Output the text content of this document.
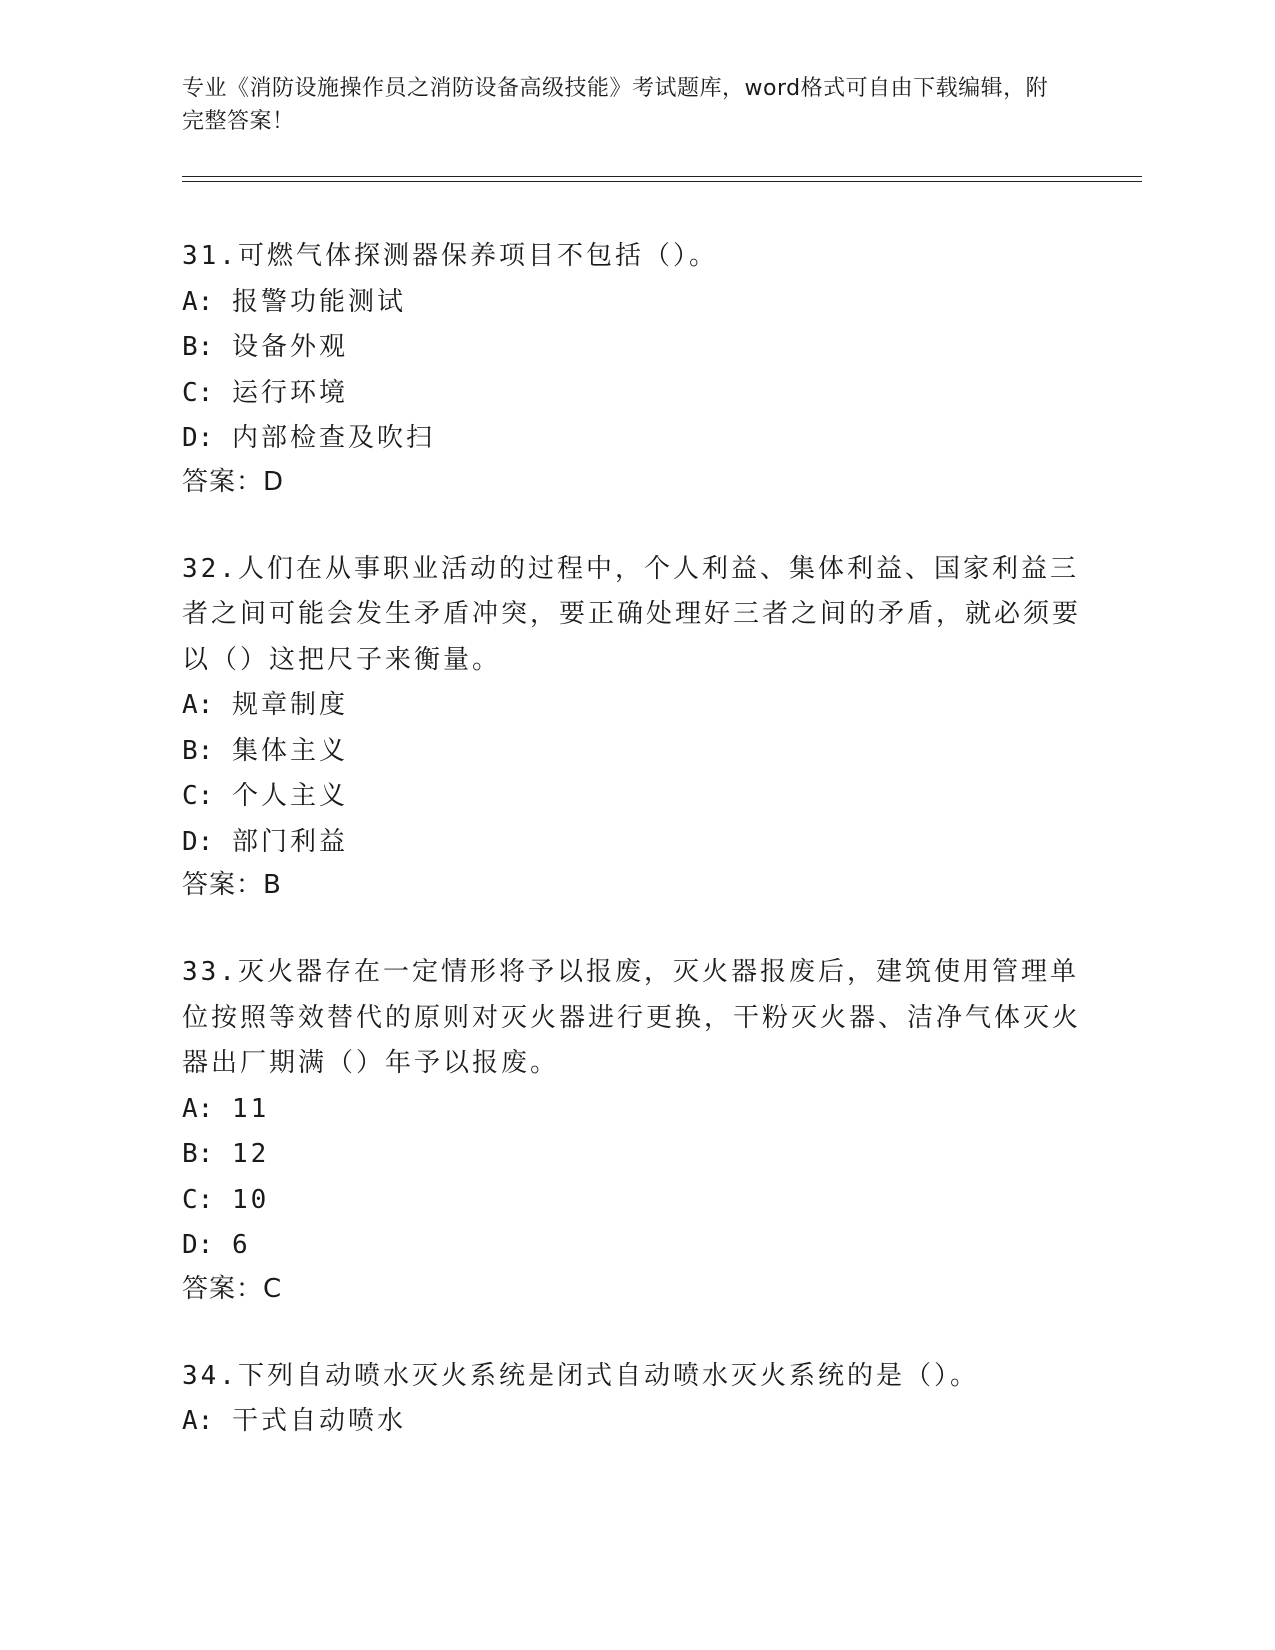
专业《消防设施操作员之消防设备高级技能》考试题库，word格式可自由下载编辑，附完整答案！

31.可燃气体探测器保养项目不包括（）。

A: 报警功能测试

B: 设备外观

C: 运行环境

D: 内部检查及吹扫

答案：D

32.人们在从事职业活动的过程中，个人利益、集体利益、国家利益三者之间可能会发生矛盾冲突，要正确处理好三者之间的矛盾，就必须要以（）这把尺子来衡量。

A: 规章制度

B: 集体主义

C: 个人主义

D: 部门利益

答案：B

33.灭火器存在一定情形将予以报废，灭火器报废后，建筑使用管理单位按照等效替代的原则对灭火器进行更换，干粉灭火器、洁净气体灭火器出厂期满（）年予以报废。

A: 11

B: 12

C: 10

D: 6

答案：C

34.下列自动喷水灭火系统是闭式自动喷水灭火系统的是（）。

A: 干式自动喷水
